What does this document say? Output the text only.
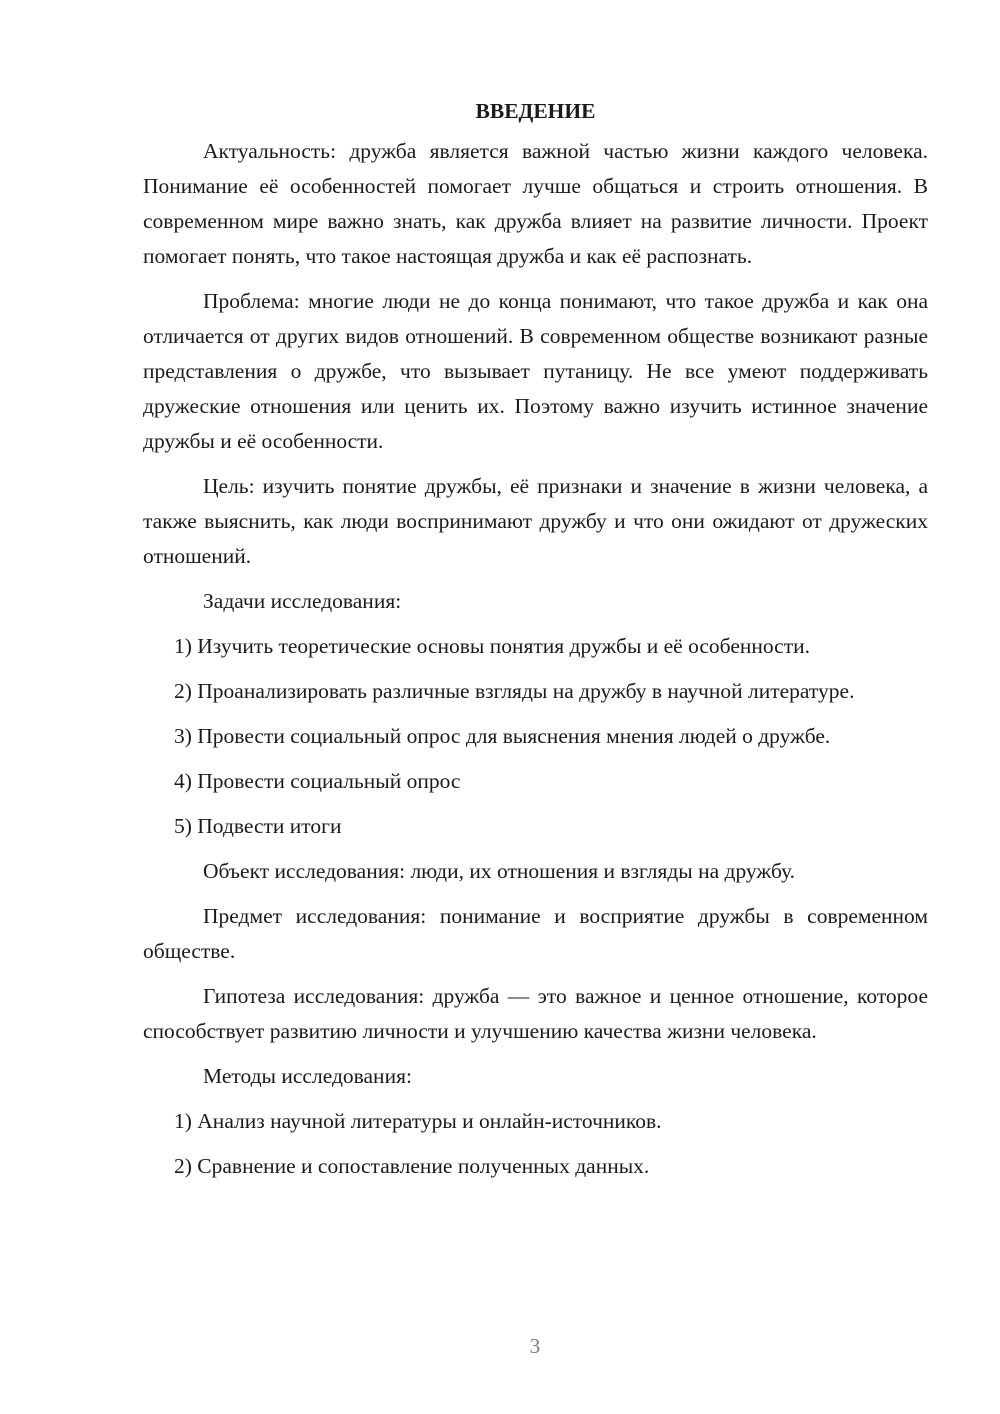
ВВЕДЕНИЕ

Актуальность: дружба является важной частью жизни каждого человека. Понимание её особенностей помогает лучше общаться и строить отношения. В современном мире важно знать, как дружба влияет на развитие личности. Проект помогает понять, что такое настоящая дружба и как её распознать.

Проблема: многие люди не до конца понимают, что такое дружба и как она отличается от других видов отношений. В современном обществе возникают разные представления о дружбе, что вызывает путаницу. Не все умеют поддерживать дружеские отношения или ценить их. Поэтому важно изучить истинное значение дружбы и её особенности.

Цель: изучить понятие дружбы, её признаки и значение в жизни человека, а также выяснить, как люди воспринимают дружбу и что они ожидают от дружеских отношений.

Задачи исследования:

1) Изучить теоретические основы понятия дружбы и её особенности.

2) Проанализировать различные взгляды на дружбу в научной литературе.

3) Провести социальный опрос для выяснения мнения людей о дружбе.

4) Провести социальный опрос

5) Подвести итоги

Объект исследования: люди, их отношения и взгляды на дружбу.

Предмет исследования: понимание и восприятие дружбы в современном обществе.

Гипотеза исследования: дружба — это важное и ценное отношение, которое способствует развитию личности и улучшению качества жизни человека.

Методы исследования:

1) Анализ научной литературы и онлайн-источников.

2) Сравнение и сопоставление полученных данных.

3
